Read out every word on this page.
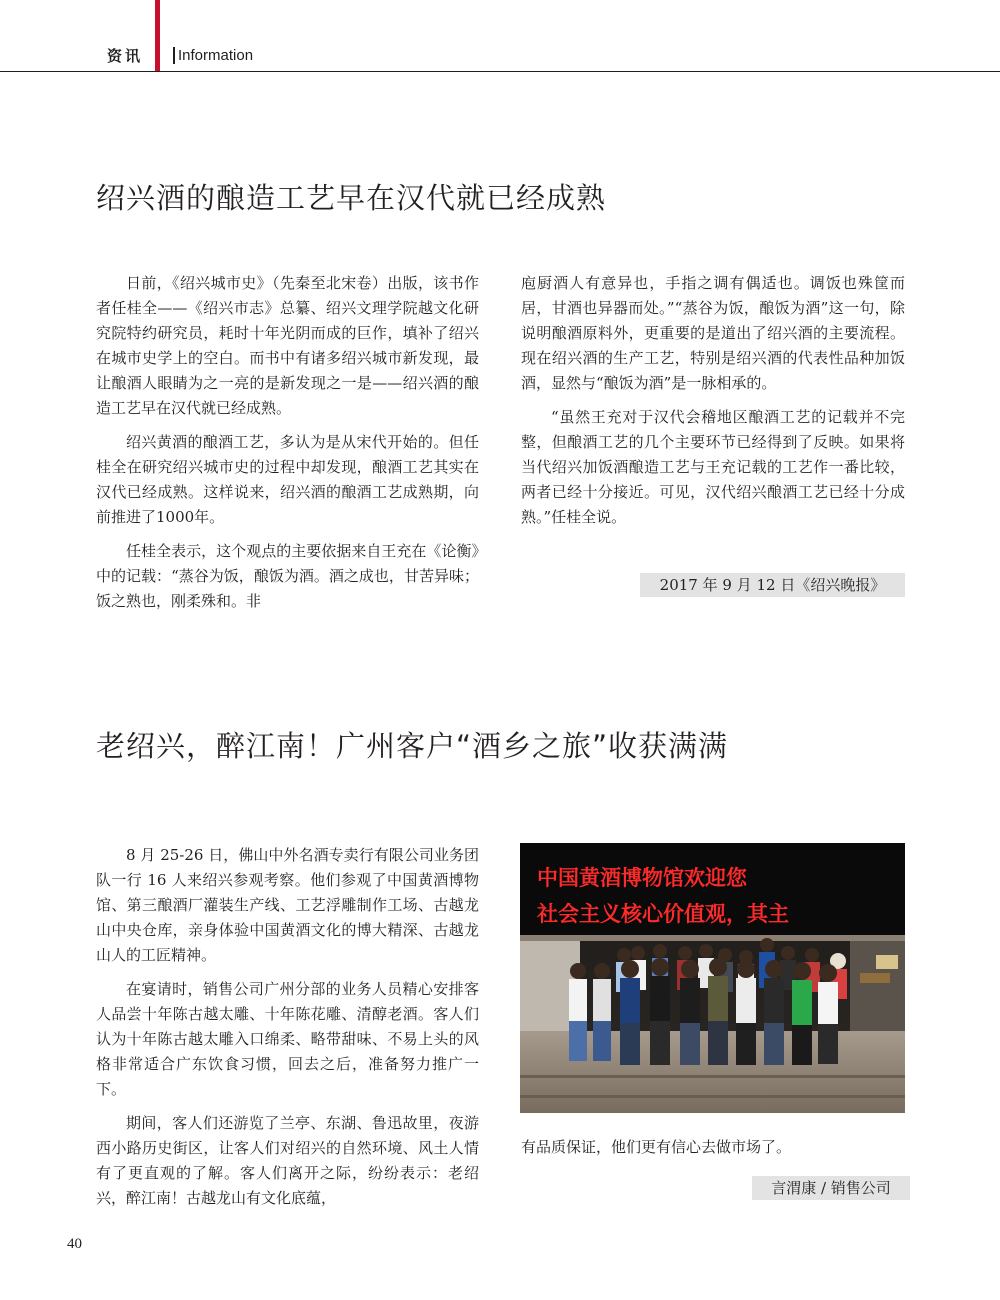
资讯 Information
绍兴酒的酿造工艺早在汉代就已经成熟

日前，《绍兴城市史》（先秦至北宋卷）出版，该书作者任桂全——《绍兴市志》总纂、绍兴文理学院越文化研究院特约研究员，耗时十年光阴而成的巨作，填补了绍兴在城市史学上的空白。而书中有诸多绍兴城市新发现，最让酿酒人眼睛为之一亮的是新发现之一是——绍兴酒的酿造工艺早在汉代就已经成熟。

绍兴黄酒的酿酒工艺，多认为是从宋代开始的。但任桂全在研究绍兴城市史的过程中却发现，酿酒工艺其实在汉代已经成熟。这样说来，绍兴酒的酿酒工艺成熟期，向前推进了1000年。

任桂全表示，这个观点的主要依据来自王充在《论衡》中的记载：“蒸谷为饭，酿饭为酒。酒之成也，甘苦异味；饭之熟也，刚柔殊和。非

庖厨酒人有意异也，手指之调有偶适也。调饭也殊筐而居，甘酒也异器而处。”“蒸谷为饭，酿饭为酒”这一句，除说明酿酒原料外，更重要的是道出了绍兴酒的主要流程。现在绍兴酒的生产工艺，特别是绍兴酒的代表性品种加饭酒，显然与“酿饭为酒”是一脉相承的。

“虽然王充对于汉代会稽地区酿酒工艺的记载并不完整，但酿酒工艺的几个主要环节已经得到了反映。如果将当代绍兴加饭酒酿造工艺与王充记载的工艺作一番比较，两者已经十分接近。可见，汉代绍兴酿酒工艺已经十分成熟。”任桂全说。

2017 年 9 月 12 日《绍兴晚报》
老绍兴，醉江南！广州客户“酒乡之旅”收获满满

8 月 25-26 日，佛山中外名酒专卖行有限公司业务团队一行 16 人来绍兴参观考察。他们参观了中国黄酒博物馆、第三酿酒厂灌装生产线、工艺浮雕制作工场、古越龙山中央仓库，亲身体验中国黄酒文化的博大精深、古越龙山人的工匠精神。

在宴请时，销售公司广州分部的业务人员精心安排客人品尝十年陈古越太雕、十年陈花雕、清醇老酒。客人们认为十年陈古越太雕入口绵柔、略带甜味、不易上头的风格非常适合广东饮食习惯，回去之后，准备努力推广一下。

期间，客人们还游览了兰亭、东湖、鲁迅故里，夜游西小路历史街区，让客人们对绍兴的自然环境、风土人情有了更直观的了解。客人们离开之际，纷纷表示：老绍兴，醉江南！古越龙山有文化底蕴，

中国黄酒博物馆欢迎您
社会主义核心价值观，其主

有品质保证，他们更有信心去做市场了。

言渭康 / 销售公司
40
